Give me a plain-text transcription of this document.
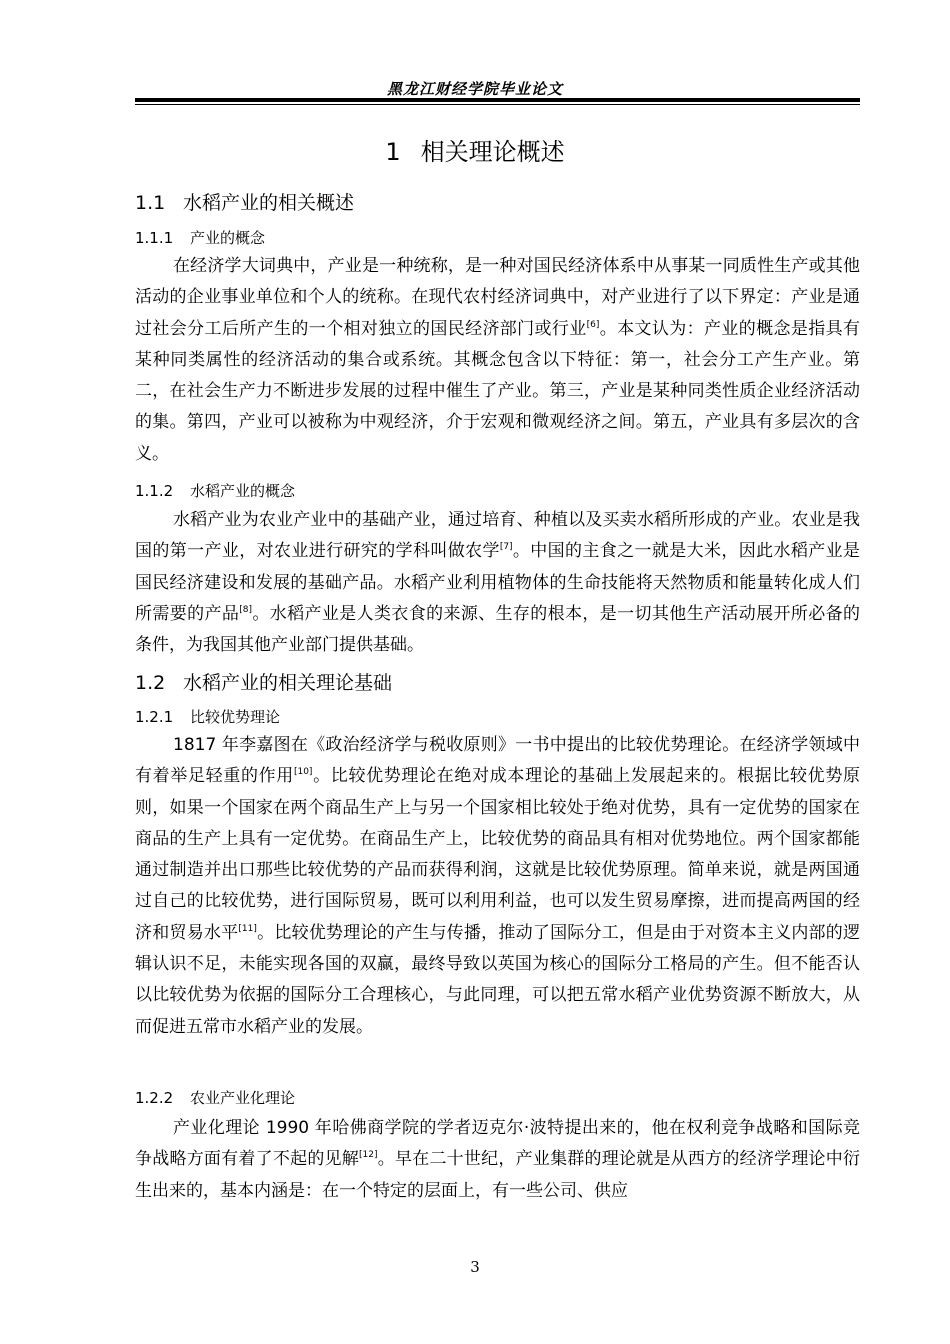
黑龙江财经学院毕业论文
1 相关理论概述
1.1 水稻产业的相关概述
1.1.1 产业的概念
在经济学大词典中，产业是一种统称，是一种对国民经济体系中从事某一同质性生产或其他活动的企业事业单位和个人的统称。在现代农村经济词典中，对产业进行了以下界定：产业是通过社会分工后所产生的一个相对独立的国民经济部门或行业[6]。本文认为：产业的概念是指具有某种同类属性的经济活动的集合或系统。其概念包含以下特征：第一，社会分工产生产业。第二，在社会生产力不断进步发展的过程中催生了产业。第三，产业是某种同类性质企业经济活动的集。第四，产业可以被称为中观经济，介于宏观和微观经济之间。第五，产业具有多层次的含义。
1.1.2 水稻产业的概念
水稻产业为农业产业中的基础产业，通过培育、种植以及买卖水稻所形成的产业。农业是我国的第一产业，对农业进行研究的学科叫做农学[7]。中国的主食之一就是大米，因此水稻产业是国民经济建设和发展的基础产品。水稻产业利用植物体的生命技能将天然物质和能量转化成人们所需要的产品[8]。水稻产业是人类衣食的来源、生存的根本，是一切其他生产活动展开所必备的条件，为我国其他产业部门提供基础。
1.2 水稻产业的相关理论基础
1.2.1 比较优势理论
1817 年李嘉图在《政治经济学与税收原则》一书中提出的比较优势理论。在经济学领域中有着举足轻重的作用[10]。比较优势理论在绝对成本理论的基础上发展起来的。根据比较优势原则，如果一个国家在两个商品生产上与另一个国家相比较处于绝对优势，具有一定优势的国家在商品的生产上具有一定优势。在商品生产上，比较优势的商品具有相对优势地位。两个国家都能通过制造并出口那些比较优势的产品而获得利润，这就是比较优势原理。简单来说，就是两国通过自己的比较优势，进行国际贸易，既可以利用利益，也可以发生贸易摩擦，进而提高两国的经济和贸易水平[11]。比较优势理论的产生与传播，推动了国际分工，但是由于对资本主义内部的逻辑认识不足，未能实现各国的双赢，最终导致以英国为核心的国际分工格局的产生。但不能否认以比较优势为依据的国际分工合理核心，与此同理，可以把五常水稻产业优势资源不断放大，从而促进五常市水稻产业的发展。
1.2.2 农业产业化理论
产业化理论 1990 年哈佛商学院的学者迈克尔·波特提出来的，他在权利竞争战略和国际竞争战略方面有着了不起的见解[12]。早在二十世纪，产业集群的理论就是从西方的经济学理论中衍生出来的，基本内涵是：在一个特定的层面上，有一些公司、供应
3
